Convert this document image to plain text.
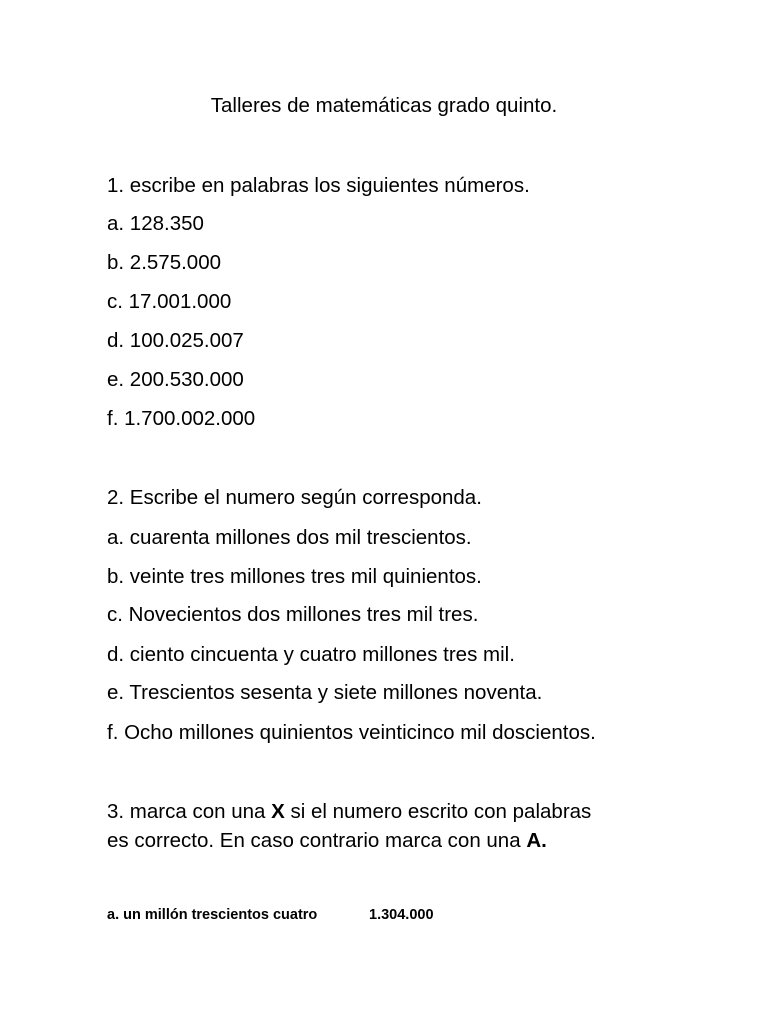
Talleres de matemáticas grado quinto.
1. escribe en palabras los siguientes números.
a. 128.350
b. 2.575.000
c. 17.001.000
d. 100.025.007
e. 200.530.000
f. 1.700.002.000
2. Escribe el numero según corresponda.
a. cuarenta millones dos mil trescientos.
b. veinte tres millones tres mil quinientos.
c. Novecientos dos millones tres mil tres.
d. ciento cincuenta y cuatro millones tres mil.
e. Trescientos sesenta y siete millones noventa.
f. Ocho millones quinientos veinticinco mil doscientos.
3. marca con una X si el numero escrito con palabras
es correcto. En caso contrario marca con una A.
a. un millón trescientos cuatro	1.304.000
